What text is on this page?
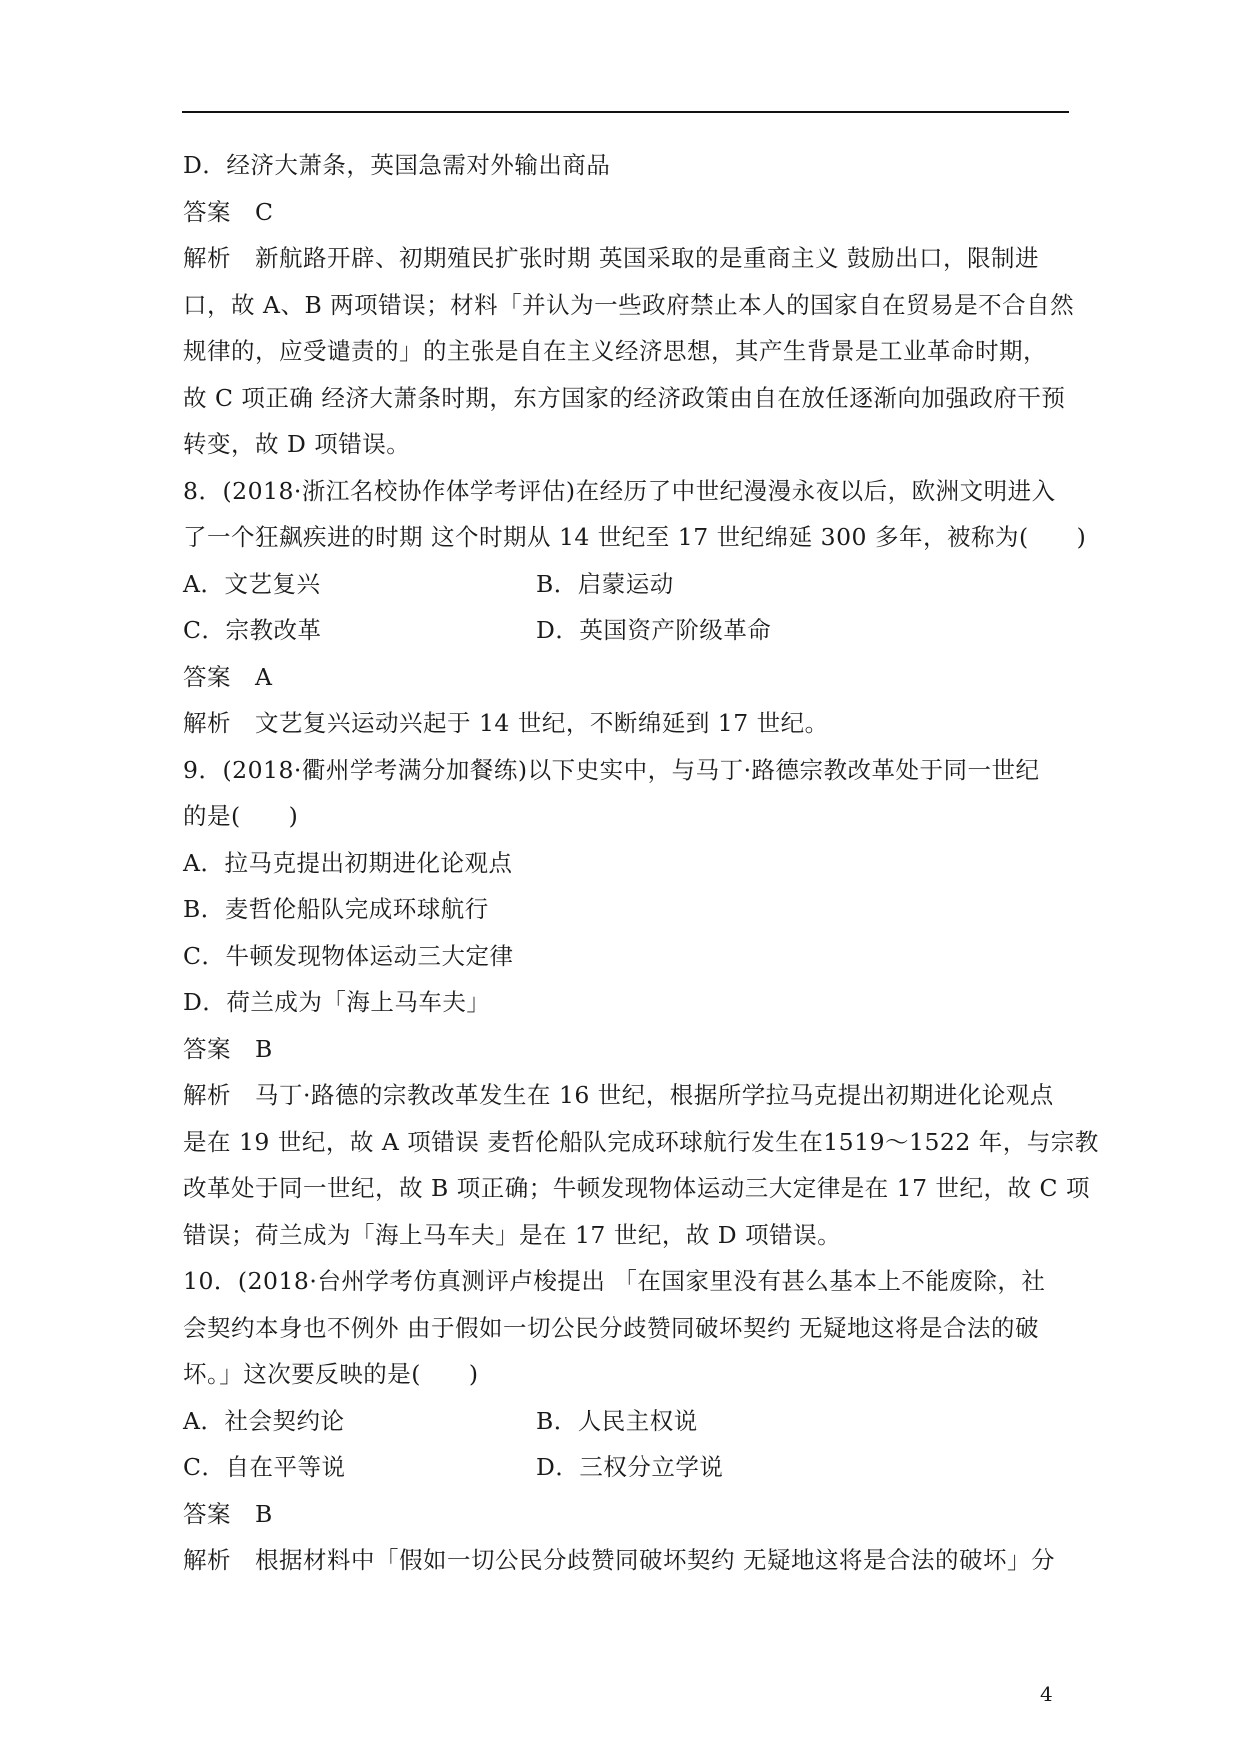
D．经济大萧条，英国急需对外输出商品
答案 C
解析 新航路开辟、初期殖民扩张时期 英国采取的是重商主义 鼓励出口，限制进
口，故 A、B 两项错误；材料「并认为一些政府禁止本人的国家自在贸易是不合自然
规律的，应受谴责的」的主张是自在主义经济思想，其产生背景是工业革命时期，
故 C 项正确 经济大萧条时期，东方国家的经济政策由自在放任逐渐向加强政府干预
转变，故 D 项错误。
8．(2018·浙江名校协作体学考评估)在经历了中世纪漫漫永夜以后，欧洲文明进入
了一个狂飙疾进的时期 这个时期从 14 世纪至 17 世纪绵延 300 多年，被称为(　　)
A．文艺复兴	B．启蒙运动
C．宗教改革	D．英国资产阶级革命
答案 A
解析 文艺复兴运动兴起于 14 世纪，不断绵延到 17 世纪。
9．(2018·衢州学考满分加餐练)以下史实中，与马丁·路德宗教改革处于同一世纪
的是(　　)
A．拉马克提出初期进化论观点
B．麦哲伦船队完成环球航行
C．牛顿发现物体运动三大定律
D．荷兰成为「海上马车夫」
答案 B
解析 马丁·路德的宗教改革发生在 16 世纪，根据所学拉马克提出初期进化论观点
是在 19 世纪，故 A 项错误 麦哲伦船队完成环球航行发生在1519～1522 年，与宗教
改革处于同一世纪，故 B 项正确；牛顿发现物体运动三大定律是在 17 世纪，故 C 项
错误；荷兰成为「海上马车夫」是在 17 世纪，故 D 项错误。
10．(2018·台州学考仿真测评卢梭提出 「在国家里没有甚么基本上不能废除，社
会契约本身也不例外 由于假如一切公民分歧赞同破坏契约 无疑地这将是合法的破
坏。」这次要反映的是(　　)
A．社会契约论	B．人民主权说
C．自在平等说	D．三权分立学说
答案 B
解析 根据材料中「假如一切公民分歧赞同破坏契约 无疑地这将是合法的破坏」分
4
